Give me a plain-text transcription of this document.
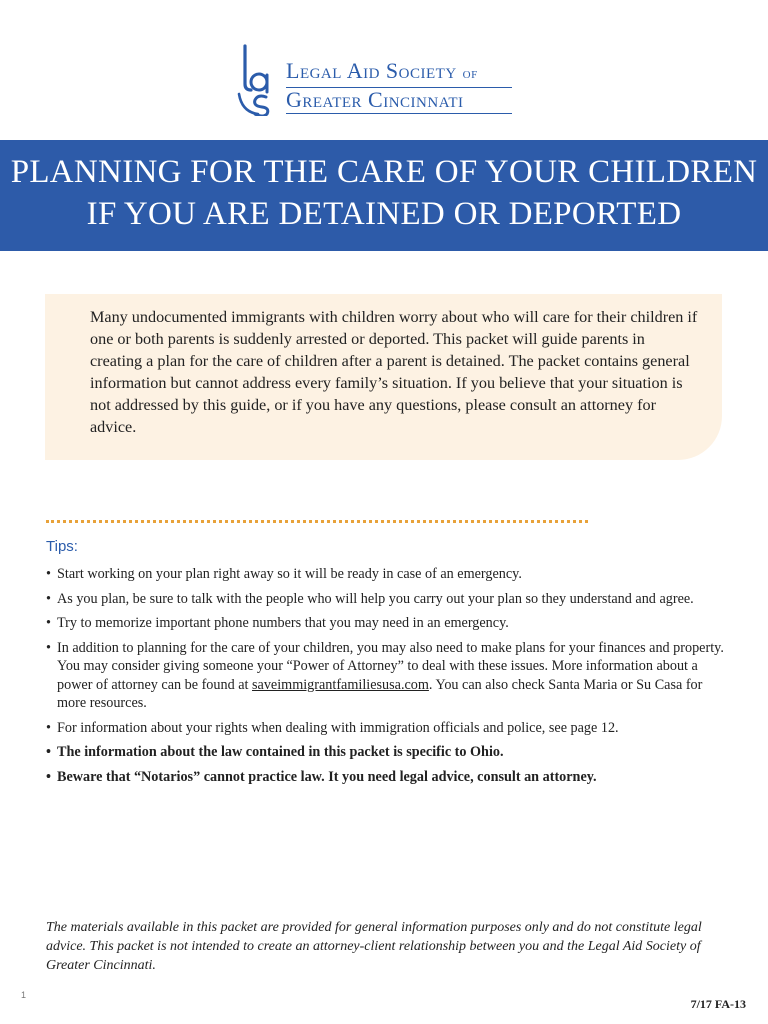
Legal Aid Society of
Greater Cincinnati
PLANNING FOR THE CARE OF YOUR CHILDREN
IF YOU ARE DETAINED OR DEPORTED

Many undocumented immigrants with children worry about who will care for their children if one or both parents is suddenly arrested or deported. This packet will guide parents in creating a plan for the care of children after a parent is detained. The packet contains general information but cannot address every family’s situation. If you believe that your situation is not addressed by this guide, or if you have any questions, please consult an attorney for advice.

Tips:
• Start working on your plan right away so it will be ready in case of an emergency.
• As you plan, be sure to talk with the people who will help you carry out your plan so they understand and agree.
• Try to memorize important phone numbers that you may need in an emergency.
• In addition to planning for the care of your children, you may also need to make plans for your finances and property. You may consider giving someone your “Power of Attorney” to deal with these issues. More information about a power of attorney can be found at saveimmigrantfamiliesusa.com. You can also check Santa Maria or Su Casa for more resources.
• For information about your rights when dealing with immigration officials and police, see page 12.
• The information about the law contained in this packet is specific to Ohio.
• Beware that “Notarios” cannot practice law. It you need legal advice, consult an attorney.

The materials available in this packet are provided for general information purposes only and do not constitute legal advice. This packet is not intended to create an attorney-client relationship between you and the Legal Aid Society of Greater Cincinnati.

1
7/17 FA-13
